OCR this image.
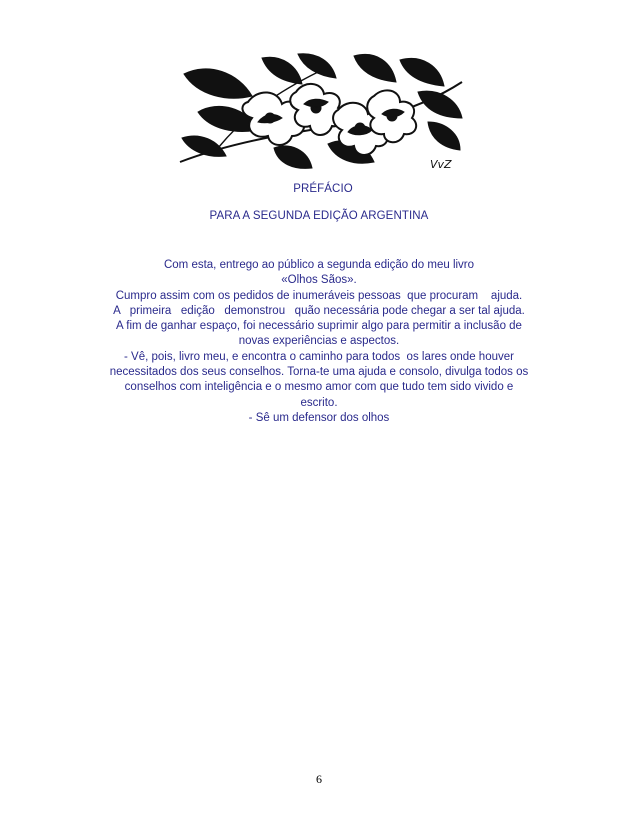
VvZ
PRÉFÁCIO
PARA A SEGUNDA EDIÇÃO ARGENTINA
Com esta, entrego ao público a segunda edição do meu livro
«Olhos Sãos».
Cumpro assim com os pedidos de inumeráveis pessoas  que procuram    ajuda.
A   primeira   edição   demonstrou   quão necessária pode chegar a ser tal ajuda.
A fim de ganhar espaço, foi necessário suprimir algo para permitir a inclusão de
novas experiências e aspectos.
- Vê, pois, livro meu, e encontra o caminho para todos  os lares onde houver
necessitados dos seus conselhos. Torna-te uma ajuda e consolo, divulga todos os
conselhos com inteligência e o mesmo amor com que tudo tem sido vivido e
escrito.
- Sê um defensor dos olhos
6
